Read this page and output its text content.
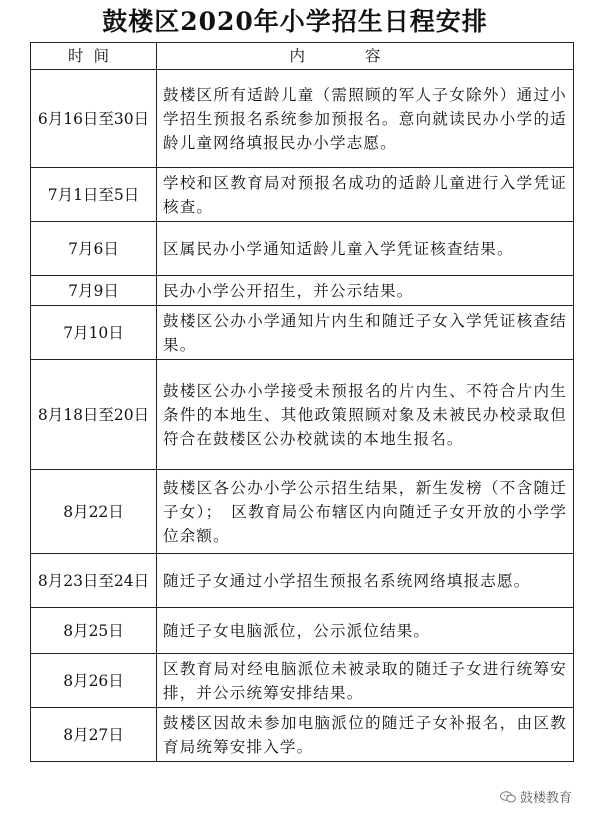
鼓楼区2020年小学招生日程安排
时间	内容
6月16日至30日	鼓楼区所有适龄儿童（需照顾的军人子女除外）通过小学招生预报名系统参加预报名。意向就读民办小学的适龄儿童网络填报民办小学志愿。
7月1日至5日	学校和区教育局对预报名成功的适龄儿童进行入学凭证核查。
7月6日	区属民办小学通知适龄儿童入学凭证核查结果。
7月9日	民办小学公开招生，并公示结果。
7月10日	鼓楼区公办小学通知片内生和随迁子女入学凭证核查结果。
8月18日至20日	鼓楼区公办小学接受未预报名的片内生、不符合片内生条件的本地生、其他政策照顾对象及未被民办校录取但符合在鼓楼区公办校就读的本地生报名。
8月22日	鼓楼区各公办小学公示招生结果，新生发榜（不含随迁子女）；　区教育局公布辖区内向随迁子女开放的小学学位余额。
8月23日至24日	随迁子女通过小学招生预报名系统网络填报志愿。
8月25日	随迁子女电脑派位，公示派位结果。
8月26日	区教育局对经电脑派位未被录取的随迁子女进行统筹安排，并公示统筹安排结果。
8月27日	鼓楼区因故未参加电脑派位的随迁子女补报名，由区教育局统筹安排入学。
鼓楼教育
